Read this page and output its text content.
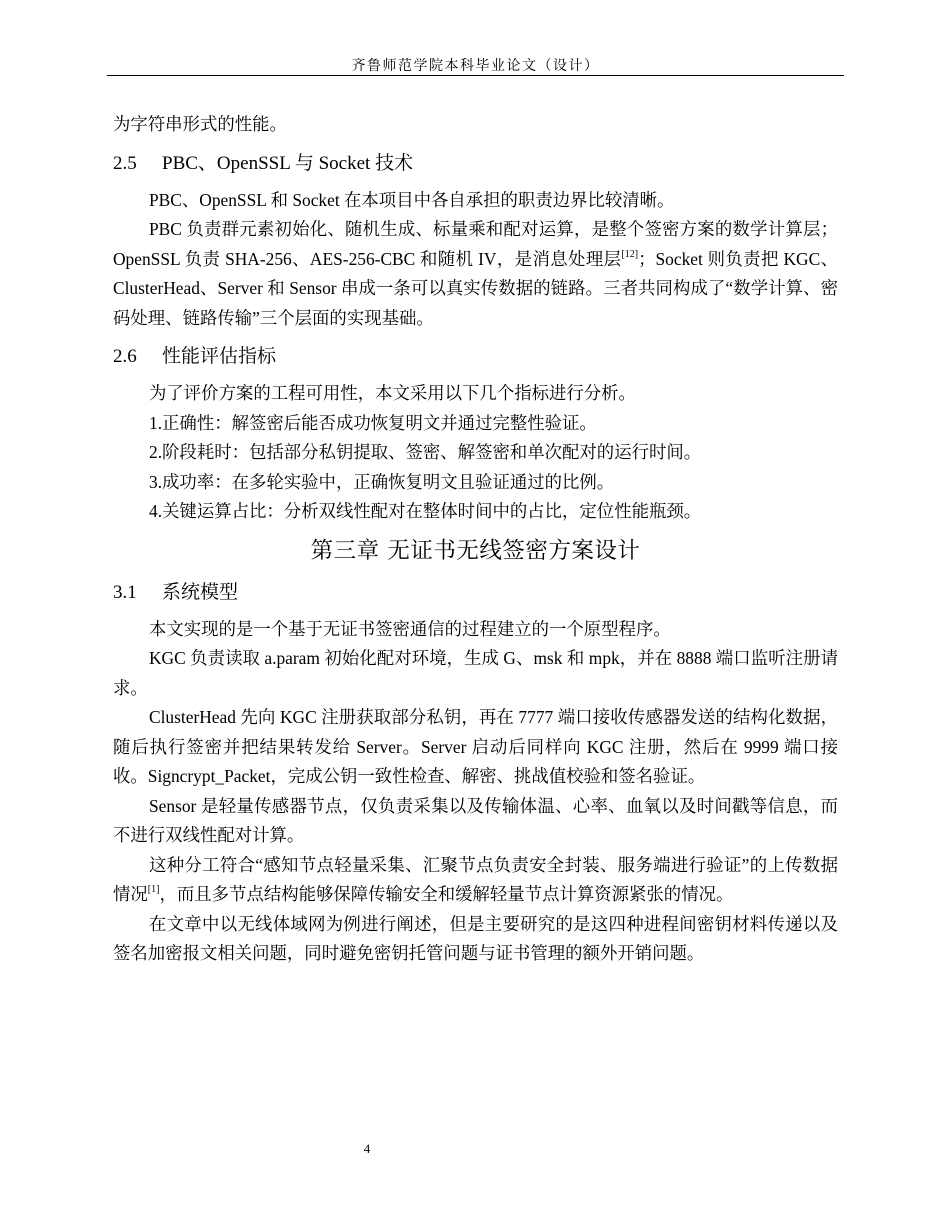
齐鲁师范学院本科毕业论文（设计）

为字符串形式的性能。

2.5 PBC、OpenSSL 与 Socket 技术

PBC、OpenSSL 和 Socket 在本项目中各自承担的职责边界比较清晰。

PBC 负责群元素初始化、随机生成、标量乘和配对运算，是整个签密方案的数学计算层；OpenSSL 负责 SHA-256、AES-256-CBC 和随机 IV，是消息处理层[12]；Socket 则负责把 KGC、ClusterHead、Server 和 Sensor 串成一条可以真实传数据的链路。三者共同构成了“数学计算、密码处理、链路传输”三个层面的实现基础。

2.6 性能评估指标

为了评价方案的工程可用性，本文采用以下几个指标进行分析。

1.正确性：解签密后能否成功恢复明文并通过完整性验证。

2.阶段耗时：包括部分私钥提取、签密、解签密和单次配对的运行时间。

3.成功率：在多轮实验中，正确恢复明文且验证通过的比例。

4.关键运算占比：分析双线性配对在整体时间中的占比，定位性能瓶颈。

第三章 无证书无线签密方案设计
3.1 系统模型

本文实现的是一个基于无证书签密通信的过程建立的一个原型程序。

KGC 负责读取 a.param 初始化配对环境，生成 G、msk 和 mpk，并在 8888 端口监听注册请求。

ClusterHead 先向 KGC 注册获取部分私钥，再在 7777 端口接收传感器发送的结构化数据，随后执行签密并把结果转发给 Server。Server 启动后同样向 KGC 注册，然后在 9999 端口接收。Signcrypt_Packet，完成公钥一致性检查、解密、挑战值校验和签名验证。

Sensor 是轻量传感器节点，仅负责采集以及传输体温、心率、血氧以及时间戳等信息，而不进行双线性配对计算。

这种分工符合“感知节点轻量采集、汇聚节点负责安全封装、服务端进行验证”的上传数据情况[1]，而且多节点结构能够保障传输安全和缓解轻量节点计算资源紧张的情况。

在文章中以无线体域网为例进行阐述，但是主要研究的是这四种进程间密钥材料传递以及签名加密报文相关问题，同时避免密钥托管问题与证书管理的额外开销问题。

4
